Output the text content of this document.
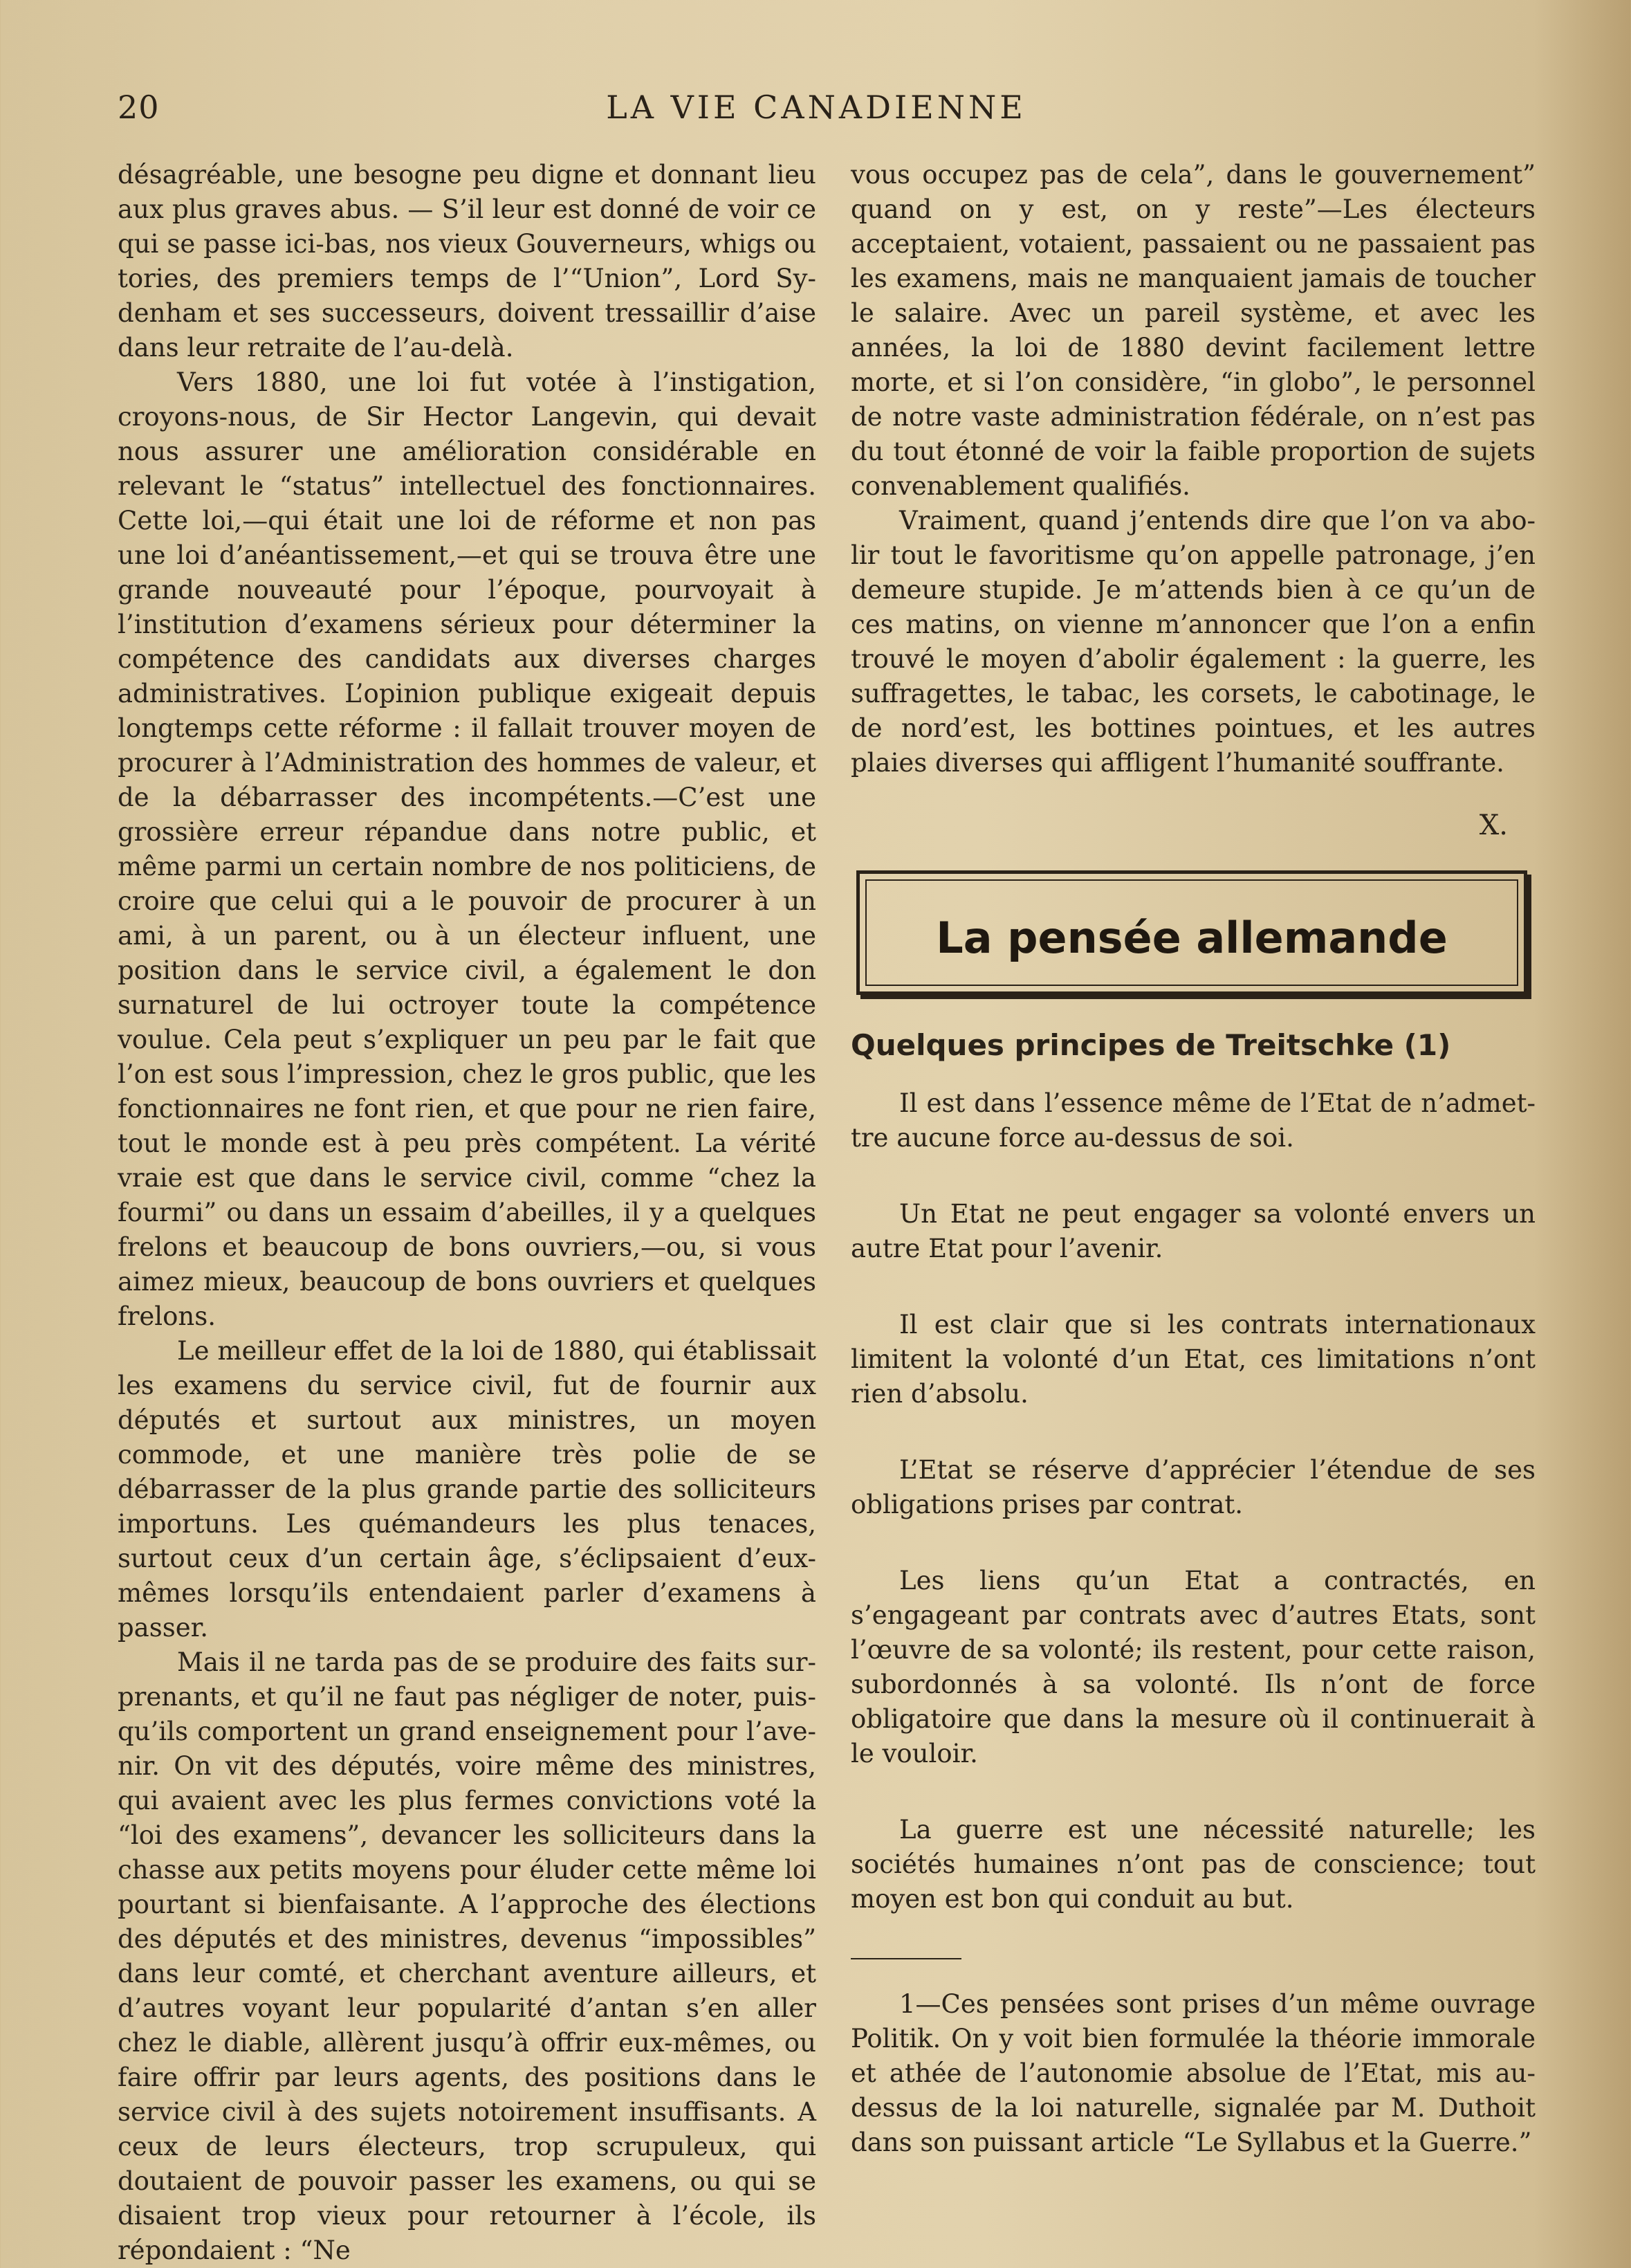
20	LA VIE CANADIENNE

désagréable, une besogne peu digne et donnant lieu aux plus graves abus. — S’il leur est donné de voir ce qui se passe ici-bas, nos vieux Gouverneurs, whigs ou tories, des premiers temps de l’“Union”, Lord Sydenham et ses successeurs, doivent tressaillir d’aise dans leur retraite de l’au-delà.

Vers 1880, une loi fut votée à l’instigation, croyons-nous, de Sir Hector Langevin, qui devait nous assurer une amélioration considérable en relevant le “status” intellectuel des fonctionnaires. Cette loi,—qui était une loi de réforme et non pas une loi d’anéantissement,—et qui se trouva être une grande nouveauté pour l’époque, pourvoyait à l’institution d’examens sérieux pour déterminer la compétence des candidats aux diverses charges administratives. L’opinion publique exigeait depuis longtemps cette réforme : il fallait trouver moyen de procurer à l’Administration des hommes de valeur, et de la débarrasser des incompétents.—C’est une grossière erreur répandue dans notre public, et même parmi un certain nombre de nos politiciens, de croire que celui qui a le pouvoir de procurer à un ami, à un parent, ou à un électeur influent, une position dans le service civil, a également le don surnaturel de lui octroyer toute la compétence voulue. Cela peut s’expliquer un peu par le fait que l’on est sous l’impression, chez le gros public, que les fonctionnaires ne font rien, et que pour ne rien faire, tout le monde est à peu près compétent. La vérité vraie est que dans le service civil, comme “chez la fourmi” ou dans un essaim d’abeilles, il y a quelques frelons et beaucoup de bons ouvriers,—ou, si vous aimez mieux, beaucoup de bons ouvriers et quelques frelons.

Le meilleur effet de la loi de 1880, qui établissait les examens du service civil, fut de fournir aux députés et surtout aux ministres, un moyen commode, et une manière très polie de se débarrasser de la plus grande partie des solliciteurs importuns. Les quémandeurs les plus tenaces, surtout ceux d’un certain âge, s’éclipsaient d’eux-mêmes lorsqu’ils entendaient parler d’examens à passer.

Mais il ne tarda pas de se produire des faits surprenants, et qu’il ne faut pas négliger de noter, puisqu’ils comportent un grand enseignement pour l’avenir. On vit des députés, voire même des ministres, qui avaient avec les plus fermes convictions voté la “loi des examens”, devancer les solliciteurs dans la chasse aux petits moyens pour éluder cette même loi pourtant si bienfaisante. A l’approche des élections des députés et des ministres, devenus “impossibles” dans leur comté, et cherchant aventure ailleurs, et d’autres voyant leur popularité d’antan s’en aller chez le diable, allèrent jusqu’à offrir eux-mêmes, ou faire offrir par leurs agents, des positions dans le service civil à des sujets notoirement insuffisants. A ceux de leurs électeurs, trop scrupuleux, qui doutaient de pouvoir passer les examens, ou qui se disaient trop vieux pour retourner à l’école, ils répondaient : “Ne

vous occupez pas de cela”, dans le gouvernement” quand on y est, on y reste”—Les électeurs acceptaient, votaient, passaient ou ne passaient pas les examens, mais ne manquaient jamais de toucher le salaire. Avec un pareil système, et avec les années, la loi de 1880 devint facilement lettre morte, et si l’on considère, “in globo”, le personnel de notre vaste administration fédérale, on n’est pas du tout étonné de voir la faible proportion de sujets convenablement qualifiés.

Vraiment, quand j’entends dire que l’on va abolir tout le favoritisme qu’on appelle patronage, j’en demeure stupide. Je m’attends bien à ce qu’un de ces matins, on vienne m’annoncer que l’on a enfin trouvé le moyen d’abolir également : la guerre, les suffragettes, le tabac, les corsets, le cabotinage, le de nord’est, les bottines pointues, et les autres plaies diverses qui affligent l’humanité souffrante.

X.

La pensée allemande

Quelques principes de Treitschke (1)

Il est dans l’essence même de l’Etat de n’admettre aucune force au-dessus de soi.

Un Etat ne peut engager sa volonté envers un autre Etat pour l’avenir.

Il est clair que si les contrats internationaux limitent la volonté d’un Etat, ces limitations n’ont rien d’absolu.

L’Etat se réserve d’apprécier l’étendue de ses obligations prises par contrat.

Les liens qu’un Etat a contractés, en s’engageant par contrats avec d’autres Etats, sont l’œuvre de sa volonté; ils restent, pour cette raison, subordonnés à sa volonté. Ils n’ont de force obligatoire que dans la mesure où il continuerait à le vouloir.

La guerre est une nécessité naturelle; les sociétés humaines n’ont pas de conscience; tout moyen est bon qui conduit au but.

1—Ces pensées sont prises d’un même ouvrage Politik. On y voit bien formulée la théorie immorale et athée de l’autonomie absolue de l’Etat, mis au-dessus de la loi naturelle, signalée par M. Duthoit dans son puissant article “Le Syllabus et la Guerre.”
